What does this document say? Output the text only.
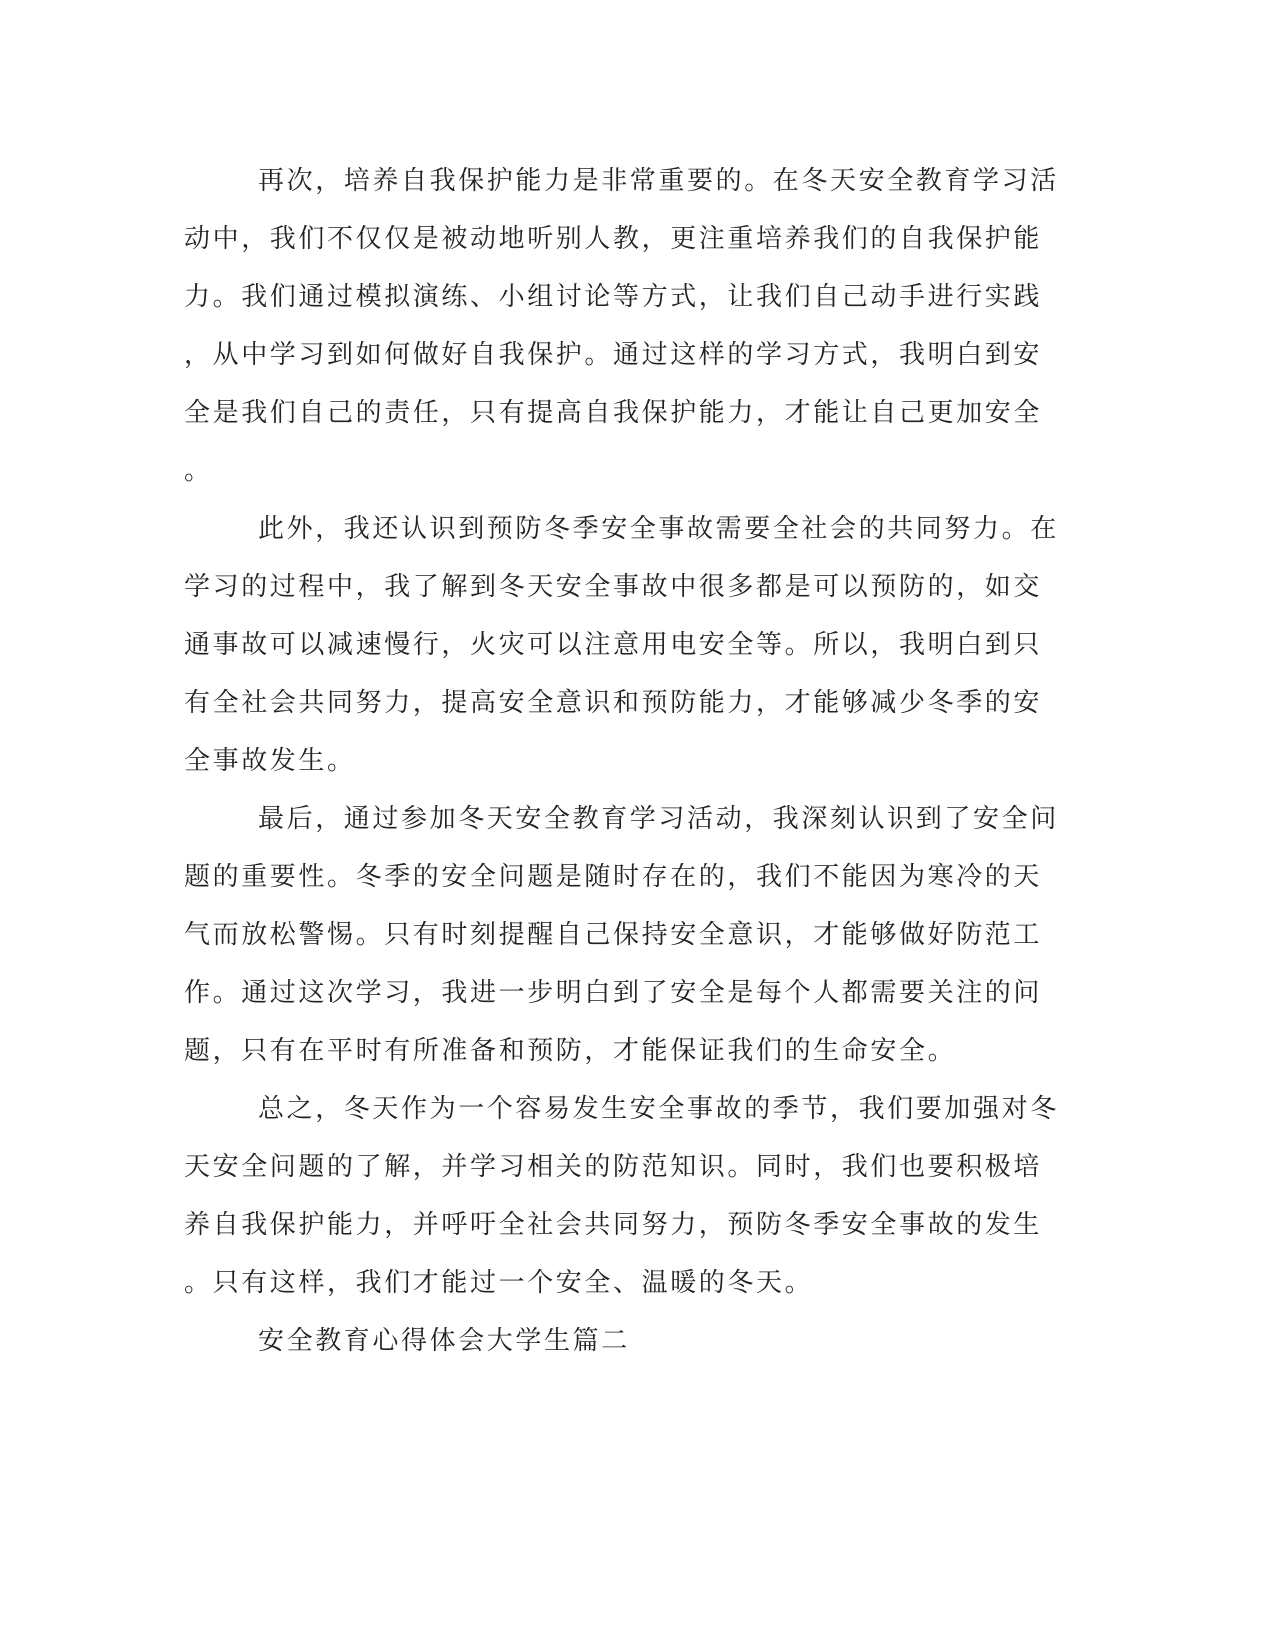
再次，培养自我保护能力是非常重要的。在冬天安全教育学习活

动中，我们不仅仅是被动地听别人教，更注重培养我们的自我保护能

力。我们通过模拟演练、小组讨论等方式，让我们自己动手进行实践

，从中学习到如何做好自我保护。通过这样的学习方式，我明白到安

全是我们自己的责任，只有提高自我保护能力，才能让自己更加安全

。

此外，我还认识到预防冬季安全事故需要全社会的共同努力。在

学习的过程中，我了解到冬天安全事故中很多都是可以预防的，如交

通事故可以减速慢行，火灾可以注意用电安全等。所以，我明白到只

有全社会共同努力，提高安全意识和预防能力，才能够减少冬季的安

全事故发生。

最后，通过参加冬天安全教育学习活动，我深刻认识到了安全问

题的重要性。冬季的安全问题是随时存在的，我们不能因为寒冷的天

气而放松警惕。只有时刻提醒自己保持安全意识，才能够做好防范工

作。通过这次学习，我进一步明白到了安全是每个人都需要关注的问

题，只有在平时有所准备和预防，才能保证我们的生命安全。

总之，冬天作为一个容易发生安全事故的季节，我们要加强对冬

天安全问题的了解，并学习相关的防范知识。同时，我们也要积极培

养自我保护能力，并呼吁全社会共同努力，预防冬季安全事故的发生

。只有这样，我们才能过一个安全、温暖的冬天。

安全教育心得体会大学生篇二
